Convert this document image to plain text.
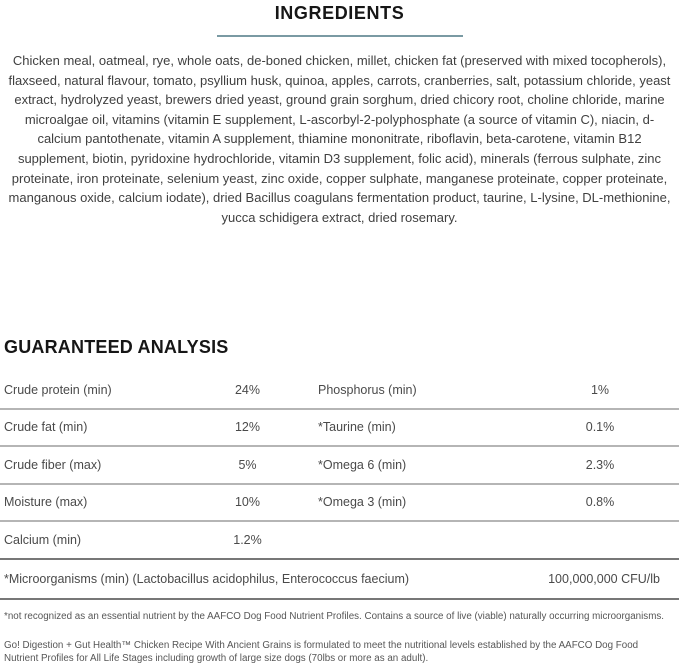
INGREDIENTS

Chicken meal, oatmeal, rye, whole oats, de-boned chicken, millet, chicken fat (preserved with mixed tocopherols), flaxseed, natural flavour, tomato, psyllium husk, quinoa, apples, carrots, cranberries, salt, potassium chloride, yeast extract, hydrolyzed yeast, brewers dried yeast, ground grain sorghum, dried chicory root, choline chloride, marine microalgae oil, vitamins (vitamin E supplement, L-ascorbyl-2-polyphosphate (a source of vitamin C), niacin, d-calcium pantothenate, vitamin A supplement, thiamine mononitrate, riboflavin, beta-carotene, vitamin B12 supplement, biotin, pyridoxine hydrochloride, vitamin D3 supplement, folic acid), minerals (ferrous sulphate, zinc proteinate, iron proteinate, selenium yeast, zinc oxide, copper sulphate, manganese proteinate, copper proteinate, manganous oxide, calcium iodate), dried Bacillus coagulans fermentation product, taurine, L-lysine, DL-methionine, yucca schidigera extract, dried rosemary.

GUARANTEED ANALYSIS
Crude protein (min)	24%	Phosphorus (min)	1%
Crude fat (min)	12%	*Taurine (min)	0.1%
Crude fiber (max)	5%	*Omega 6 (min)	2.3%
Moisture (max)	10%	*Omega 3 (min)	0.8%
Calcium (min)	1.2%
*Microorganisms (min) (Lactobacillus acidophilus, Enterococcus faecium)	100,000,000 CFU/lb

*not recognized as an essential nutrient by the AAFCO Dog Food Nutrient Profiles. Contains a source of live (viable) naturally occurring microorganisms.

Go! Digestion + Gut Health™ Chicken Recipe With Ancient Grains is formulated to meet the nutritional levels established by the AAFCO Dog Food Nutrient Profiles for All Life Stages including growth of large size dogs (70lbs or more as an adult).
